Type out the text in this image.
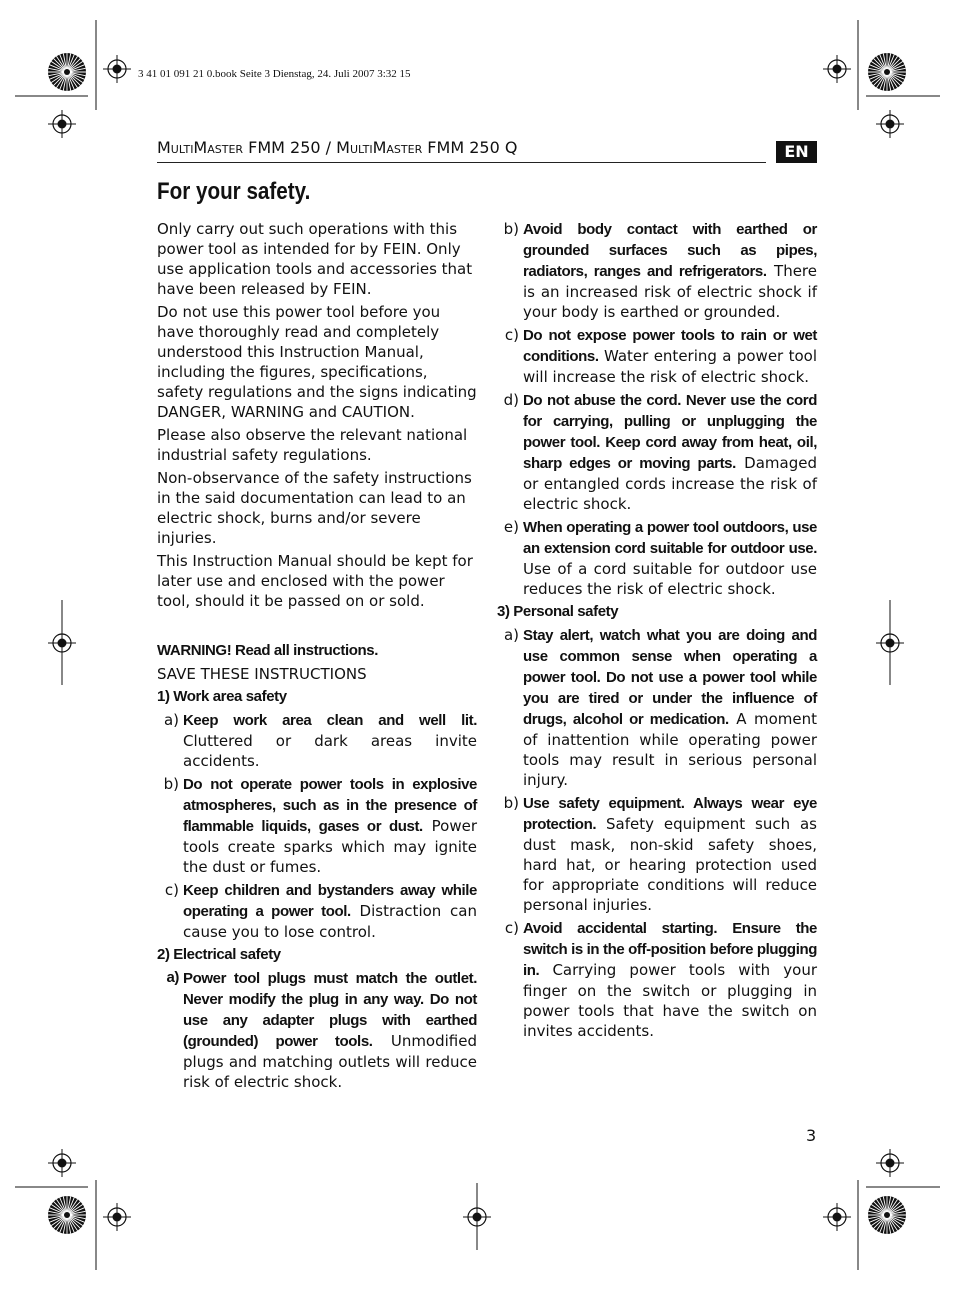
3 41 01 091 21 0.book Seite 3 Dienstag, 24. Juli 2007 3:32 15
MultiMaster FMM 250 / MultiMaster FMM 250 Q	EN
For your safety.

Only carry out such operations with this power tool as intended for by FEIN. Only use application tools and accessories that have been released by FEIN.

Do not use this power tool before you have thoroughly read and completely understood this Instruction Manual, including the figures, specifications, safety regulations and the signs indicating DANGER, WARNING and CAUTION.

Please also observe the relevant national industrial safety regulations.

Non-observance of the safety instructions in the said documentation can lead to an electric shock, burns and/or severe injuries.

This Instruction Manual should be kept for later use and enclosed with the power tool, should it be passed on or sold.

WARNING! Read all instructions.

SAVE THESE INSTRUCTIONS

1) Work area safety

a) Keep work area clean and well lit. Cluttered or dark areas invite accidents.
b) Do not operate power tools in explosive atmospheres, such as in the presence of flammable liquids, gases or dust. Power tools create sparks which may ignite the dust or fumes.
c) Keep children and bystanders away while operating a power tool. Distraction can cause you to lose control.

2) Electrical safety

a) Power tool plugs must match the outlet. Never modify the plug in any way. Do not use any adapter plugs with earthed (grounded) power tools. Unmodified plugs and matching outlets will reduce risk of electric shock.
b) Avoid body contact with earthed or grounded surfaces such as pipes, radiators, ranges and refrigerators. There is an increased risk of electric shock if your body is earthed or grounded.
c) Do not expose power tools to rain or wet conditions. Water entering a power tool will increase the risk of electric shock.
d) Do not abuse the cord. Never use the cord for carrying, pulling or unplugging the power tool. Keep cord away from heat, oil, sharp edges or moving parts. Damaged or entangled cords increase the risk of electric shock.
e) When operating a power tool outdoors, use an extension cord suitable for outdoor use. Use of a cord suitable for outdoor use reduces the risk of electric shock.

3) Personal safety

a) Stay alert, watch what you are doing and use common sense when operating a power tool. Do not use a power tool while you are tired or under the influence of drugs, alcohol or medication. A moment of inattention while operating power tools may result in serious personal injury.
b) Use safety equipment. Always wear eye protection. Safety equipment such as dust mask, non-skid safety shoes, hard hat, or hearing protection used for appropriate conditions will reduce personal injuries.
c) Avoid accidental starting. Ensure the switch is in the off-position before plugging in. Carrying power tools with your finger on the switch or plugging in power tools that have the switch on invites accidents.
3
